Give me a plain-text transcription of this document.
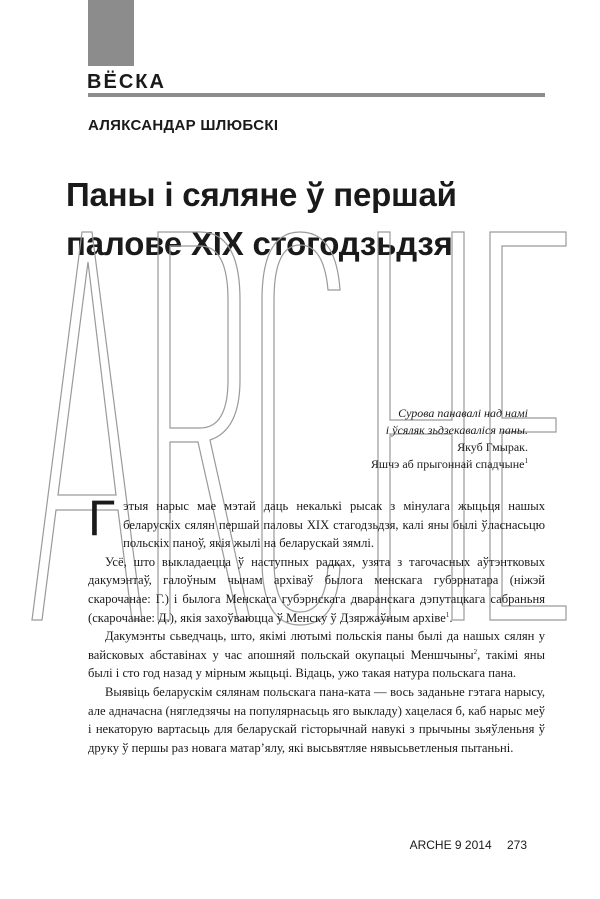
ВЁСКА
АЛЯКСАНДАР ШЛЮБСКІ
Паны і сяляне ў першай
палове XIX стогодзьдзя
Сурова панавалі над намі
і ўсяляк зьдзекаваліся паны.
Якуб Гмырак.
Яшчэ аб прыгоннай спадчыне$^1$

Гэтыя нарыс мае мэтай даць некалькі рысак з мінулага жыцьця нашых беларускіх сялян першай паловы XIX стагодзьдзя, калі яны былі ўласнасьцю польскіх паноў, якія жылі на беларускай зямлі.

Усё, што выкладаецца ў наступных радках, узята з тагочасных аўтэнтковых дакумэнтаў, галоўным чынам архіваў былога менскага губэрнатара (ніжэй скарочанае: Г.) і былога Менскага губэрнскага дваранскага дэпутацкага сабраньня (скарочанае: Д.), якія захоўваюцца ў Менску ў Дзяржаўным архіве$^1$.

Дакумэнты сьведчаць, што, якімі лютымі польскія паны былі да нашых сялян у вайсковых абставінах у час апошняй польскай окупацыі Меншчыны$^2$, такімі яны былі і сто год назад у мірным жыцьці. Відаць, ужо такая натура польскага пана.

Выявіць беларускім сялянам польскага пана-ката — вось заданьне гэтага нарысу, але адначасна (нягледзячы на популярнасьць яго выкладу) хацелася б, каб нарыс меў і некаторую вартасьць для беларускай гісторычнай навукі з прычыны зьяўленьня ў друку ў першы раз новага матар’ялу, які высьвятляе нявысьветленыя пытаньні.

ARCHE 9 2014 273
